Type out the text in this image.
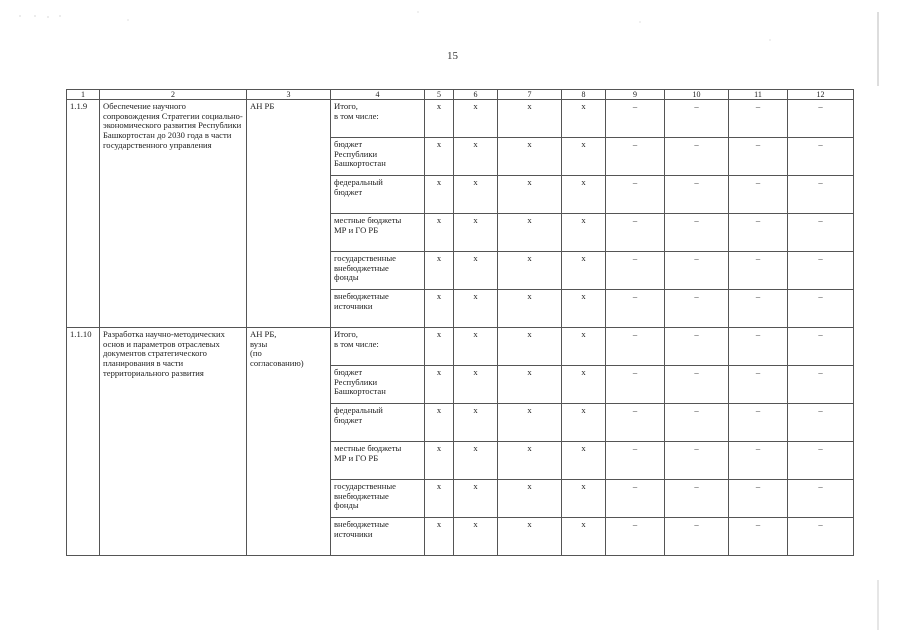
15
1	2	3	4	5	6	7	8	9	10	11	12
1.1.9	Обеспечение научного сопровождения Стратегии социально-экономического развития Республики Башкортостан до 2030 года в части государственного управления	АН РБ	Итого,
в том числе:	х	х	х	х	–	–	–	–
			бюджет
Республики
Башкортостан	х	х	х	х	–	–	–	–
			федеральный
бюджет	х	х	х	х	–	–	–	–
			местные бюджеты
МР и ГО РБ	х	х	х	х	–	–	–	–
			государственные
внебюджетные
фонды	х	х	х	х	–	–	–	–
			внебюджетные
источники	х	х	х	х	–	–	–	–
1.1.10	Разработка научно-методических основ и параметров отраслевых документов стратегического планирования в части территориального развития	АН РБ,
вузы
(по
согласованию)	Итого,
в том числе:	х	х	х	х	–	–	–	–
			бюджет
Республики
Башкортостан	х	х	х	х	–	–	–	–
			федеральный
бюджет	х	х	х	х	–	–	–	–
			местные бюджеты
МР и ГО РБ	х	х	х	х	–	–	–	–
			государственные
внебюджетные
фонды	х	х	х	х	–	–	–	–
			внебюджетные
источники	х	х	х	х	–	–	–	–
